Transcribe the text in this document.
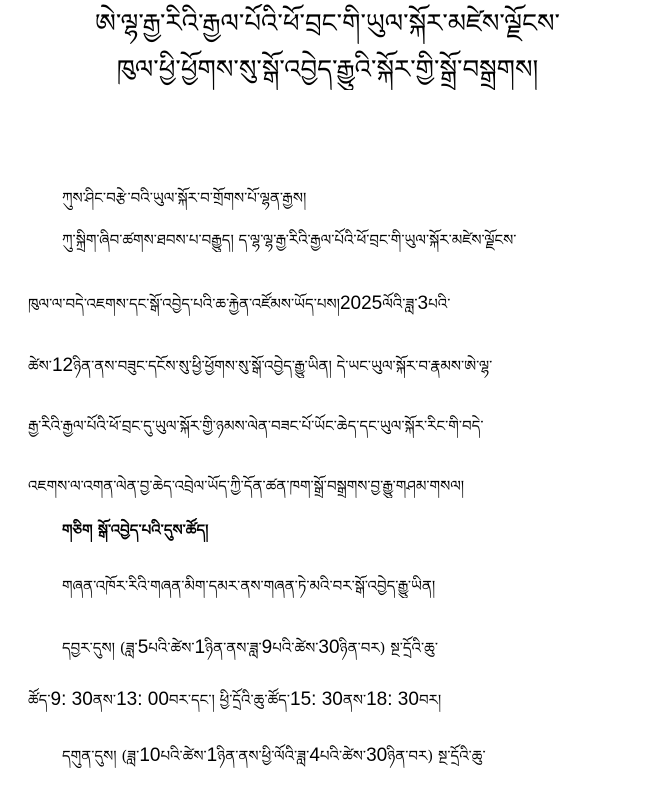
ཨེ་ལྷ་རྒྱ་རིའི་རྒྱལ་པོའི་ཕོ་བྲང་གི་ཡུལ་སྐོར་མཛེས་ལྗོངས་
ཁུལ་ཕྱི་ཕྱོགས་སུ་སྒོ་འབྱེད་རྒྱུའི་སྐོར་གྱི་སྒྲོ་བསྒྲགས།
ཀུས་ཤིང་བརྩེ་བའི་ཡུལ་སྐོར་བ་གྲོགས་པོ་ལྷན་རྒྱས།
ཀུ་སྐྲིག་ཞིབ་ཚགས་ཐབས་པ་བརྒྱུད། ད་ལྷ་ལྷ་རྒྱ་རིའི་རྒྱལ་པོའི་ཕོ་བྲང་གི་ཡུལ་སྐོར་མཛེས་ལྗོངས་
ཁུལ་ལ་བདེ་འཇགས་དང་སྒོ་འབྱེད་པའི་ཆ་རྐྱེན་འཛོམས་ཡོད་པས།2025ལོའི་ཟླ་3པའི་
ཚེས་12ཉིན་ནས་བཟུང་དངོས་སུ་ཕྱི་ཕྱོགས་སུ་སྒོ་འབྱེད་རྒྱུ་ཡིན། དེ་ཡང་ཡུལ་སྐོར་བ་རྣམས་ཨེ་ལྷ་
རྒྱ་རིའི་རྒྱལ་པོའི་ཕོ་བྲང་དུ་ཡུལ་སྐོར་གྱི་ཉམས་ལེན་བཟང་པོ་ཡོང་ཆེད་དང་ཡུལ་སྐོར་རིང་གི་བདེ་
འཇགས་ལ་འགན་ལེན་བྱ་ཆེད་འབྲེལ་ཡོད་ཀྱི་དོན་ཚན་ཁག་སྒྲོ་བསྒྲགས་བྱ་རྒྱུ་གཤམ་གསལ།
གཅིག སྒོ་འབྱེད་པའི་དུས་ཚོད།
གཞན་འཁོར་རིའི་གཞན་མིག་དམར་ནས་གཞན་ཏེ་མའི་བར་སྒོ་འབྱེད་རྒྱུ་ཡིན།
དབྱར་དུས། (ཟླ་5པའི་ཚེས་1ཉིན་ནས་ཟླ་9པའི་ཚེས་30ཉིན་བར) སྔ་དྲོའི་ཆུ་
ཚོད་9: 30ནས་13: 00བར་དང་། ཕྱི་དྲོའི་ཆུ་ཚོད་15: 30ནས་18: 30བར།
དགུན་དུས། (ཟླ་10པའི་ཚེས་1ཉིན་ནས་ཕྱི་ལོའི་ཟླ་4པའི་ཚེས་30ཉིན་བར) སྔ་དྲོའི་ཆུ་
